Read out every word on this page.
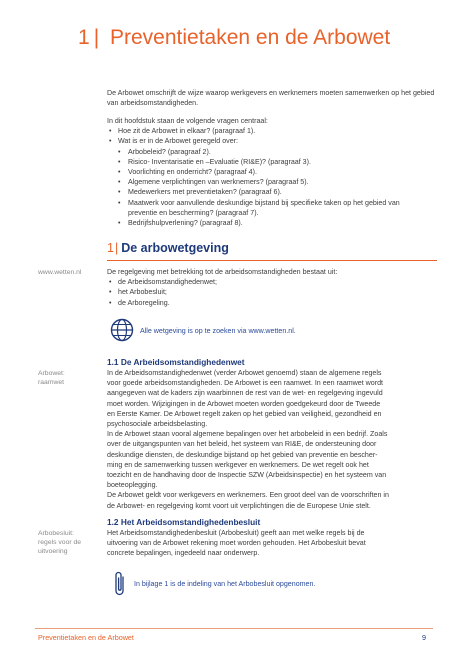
1 | Preventietaken en de Arbowet
De Arbowet omschrijft de wijze waarop werkgevers en werknemers moeten samenwerken op het gebied van arbeidsomstandigheden.
In dit hoofdstuk staan de volgende vragen centraal:
• Hoe zit de Arbowet in elkaar? (paragraaf 1).
• Wat is er in de Arbowet geregeld over:
• Arbobeleid? (paragraaf 2).
• Risico- Inventarisatie en –Evaluatie (RI&E)? (paragraaf 3).
• Voorlichting en onderricht? (paragraaf 4).
• Algemene verplichtingen van werknemers? (paragraaf 5).
• Medewerkers met preventietaken? (paragraaf 6).
• Maatwerk voor aanvullende deskundige bijstand bij specifieke taken op het gebied van preventie en bescherming? (paragraaf 7).
• Bedrijfshulpverlening? (paragraaf 8).
1| De arbowetgeving
www.wetten.nl	De regelgeving met betrekking tot de arbeidsomstandigheden bestaat uit:
• de Arbeidsomstandighedenwet;
• het Arbobesluit;
• de Arboregeling.
Alle wetgeving is op te zoeken via www.wetten.nl.
1.1 De Arbeidsomstandighedenwet
Arbowet:
raamwet
In de Arbeidsomstandighedenwet (verder Arbowet genoemd) staan de algemene regels
voor goede arbeidsomstandigheden. De Arbowet is een raamwet. In een raamwet wordt
aangegeven wat de kaders zijn waarbinnen de rest van de wet- en regelgeving ingevuld
moet worden. Wijzigingen in de Arbowet moeten worden goedgekeurd door de Tweede
en Eerste Kamer. De Arbowet regelt zaken op het gebied van veiligheid, gezondheid en
psychosociale arbeidsbelasting.
In de Arbowet staan vooral algemene bepalingen over het arbobeleid in een bedrijf. Zoals
over de uitgangspunten van het beleid, het systeem van RI&E, de ondersteuning door
deskundige diensten, de deskundige bijstand op het gebied van preventie en bescher-
ming en de samenwerking tussen werkgever en werknemers. De wet regelt ook het
toezicht en de handhaving door de Inspectie SZW (Arbeidsinspectie) en het systeem van
boeteoplegging.
De Arbowet geldt voor werkgevers en werknemers. Een groot deel van de voorschriften in
de Arbowet- en regelgeving komt voort uit verplichtingen die de Europese Unie stelt.
1.2 Het Arbeidsomstandighedenbesluit
Arbobesluit:
regels voor de
uitvoering
Het Arbeidsomstandighedenbesluit (Arbobesluit) geeft aan met welke regels bij de
uitvoering van de Arbowet rekening moet worden gehouden. Het Arbobesluit bevat
concrete bepalingen, ingedeeld naar onderwerp.
In bijlage 1 is de indeling van het Arbobesluit opgenomen.
Preventietaken en de Arbowet	9
